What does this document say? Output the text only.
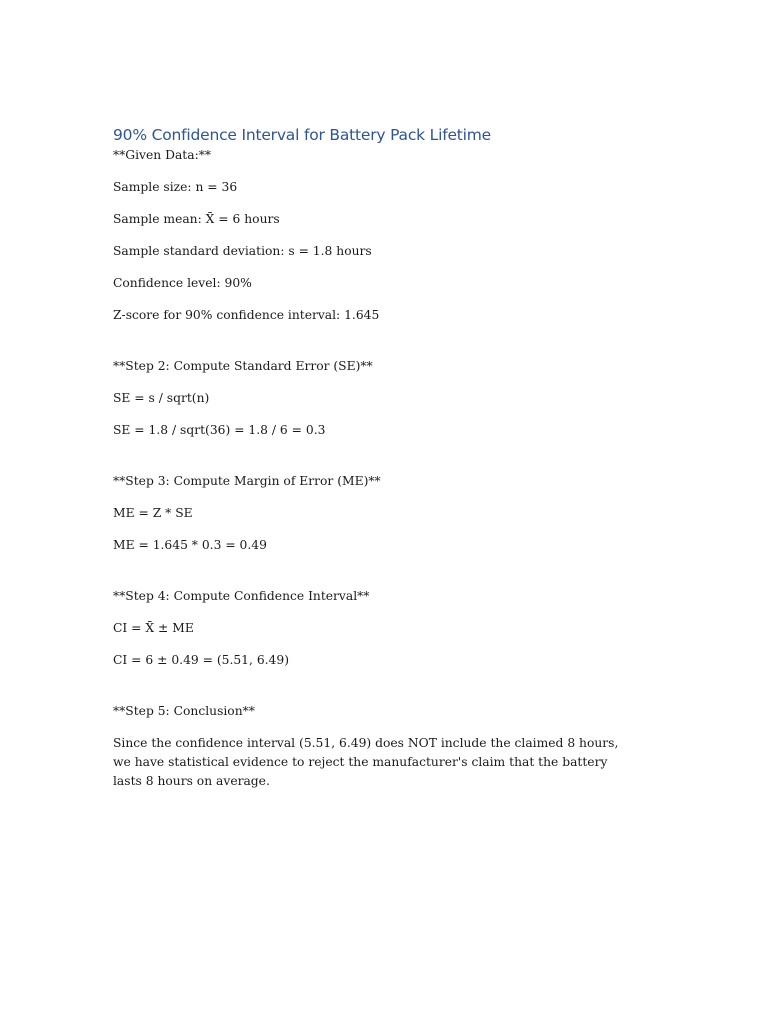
90% Confidence Interval for Battery Pack Lifetime

**Given Data:**

Sample size: n = 36

Sample mean: X̄ = 6 hours

Sample standard deviation: s = 1.8 hours

Confidence level: 90%

Z-score for 90% confidence interval: 1.645

**Step 2: Compute Standard Error (SE)**

SE = s / sqrt(n)

SE = 1.8 / sqrt(36) = 1.8 / 6 = 0.3

**Step 3: Compute Margin of Error (ME)**

ME = Z * SE

ME = 1.645 * 0.3 = 0.49

**Step 4: Compute Confidence Interval**

CI = X̄ ± ME

CI = 6 ± 0.49 = (5.51, 6.49)

**Step 5: Conclusion**

Since the confidence interval (5.51, 6.49) does NOT include the claimed 8 hours, we have statistical evidence to reject the manufacturer's claim that the battery lasts 8 hours on average.
